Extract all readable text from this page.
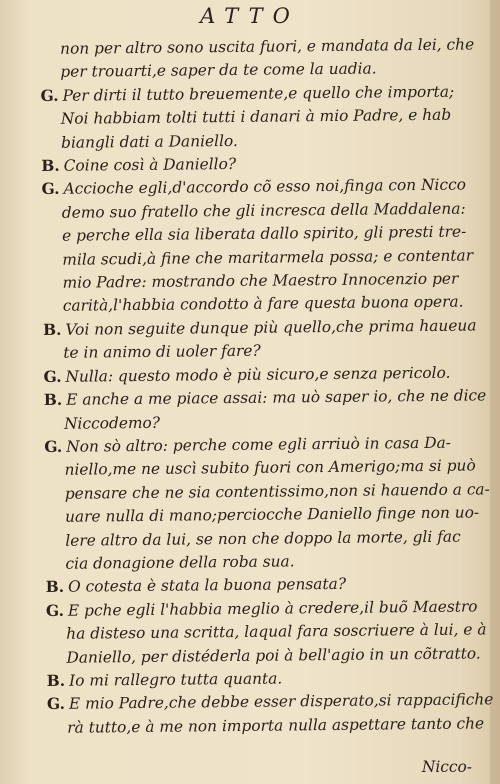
ATTO
non per altro sono uscita fuori, e mandata da lei, che
per trouarti,e saper da te come la uadia.
G. Per dirti il tutto breuemente,e quello che importa;
Noi habbiam tolti tutti i danari à mio Padre, e hab
biangli dati a Daniello.
B. Coine così à Daniello?
G. Accioche egli,d'accordo cõ esso noi,finga con Nicco
demo suo fratello che gli incresca della Maddalena:
e perche ella sia liberata dallo spirito, gli presti tre-
mila scudi,à fine che maritarmela possa; e contentar
mio Padre: mostrando che Maestro Innocenzio per
carità,l'habbia condotto à fare questa buona opera.
B. Voi non seguite dunque più quello,che prima haueua
te in animo di uoler fare?
G. Nulla: questo modo è più sicuro,e senza pericolo.
B. E anche a me piace assai: ma uò saper io, che ne dice
Niccodemo?
G. Non sò altro: perche come egli arriuò in casa Da-
niello,me ne uscì subito fuori con Amerigo;ma si può
pensare che ne sia contentissimo,non si hauendo a ca-
uare nulla di mano;perciocche Daniello finge non uo-
lere altro da lui, se non che doppo la morte, gli fac
cia donagione della roba sua.
B. O cotesta è stata la buona pensata?
G. E pche egli l'habbia meglio à credere,il buõ Maestro
ha disteso una scritta, laqual fara soscriuere à lui, e à
Daniello, per distéderla poi à bell'agio in un cõtratto.
B. Io mi rallegro tutta quanta.
G. E mio Padre,che debbe esser disperato,si rappacifiche
rà tutto,e à me non importa nulla aspettare tanto che
Nicco-
